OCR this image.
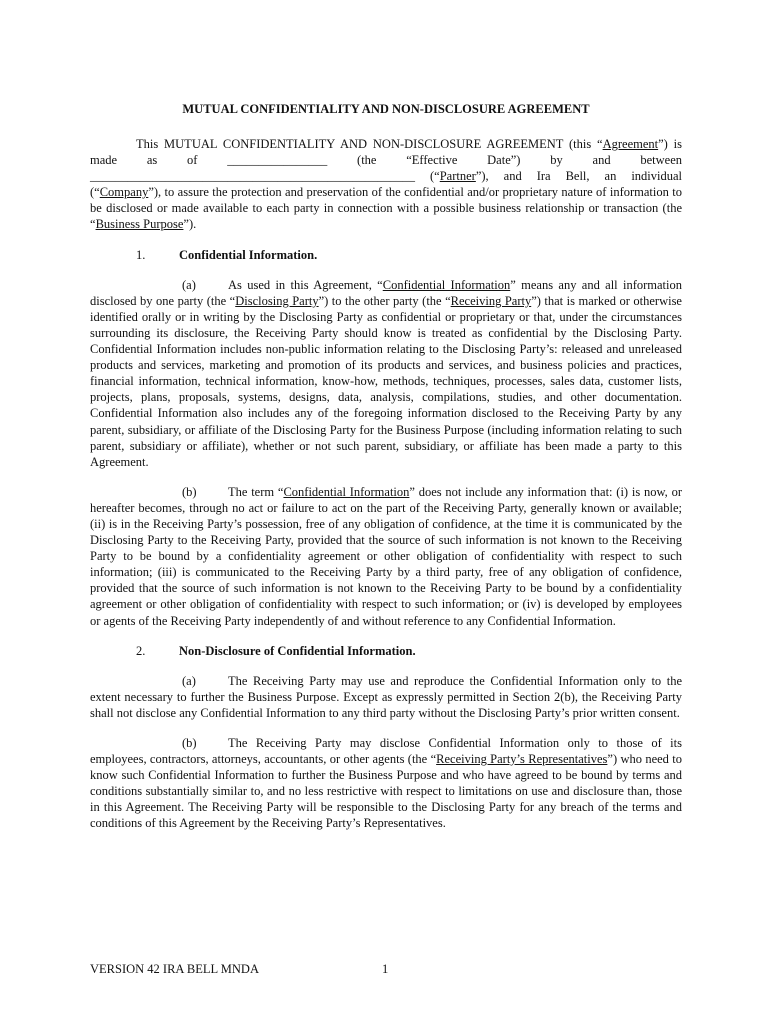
MUTUAL CONFIDENTIALITY AND NON-DISCLOSURE AGREEMENT

This MUTUAL CONFIDENTIALITY AND NON-DISCLOSURE AGREEMENT (this “Agreement”) is made as of ________________ (the “Effective Date”) by and between ____________________________________________________ (“Partner”), and Ira Bell, an individual (“Company”), to assure the protection and preservation of the confidential and/or proprietary nature of information to be disclosed or made available to each party in connection with a possible business relationship or transaction (the “Business Purpose”).

1.	Confidential Information.

(a)	As used in this Agreement, “Confidential Information” means any and all information disclosed by one party (the “Disclosing Party”) to the other party (the “Receiving Party”) that is marked or otherwise identified orally or in writing by the Disclosing Party as confidential or proprietary or that, under the circumstances surrounding its disclosure, the Receiving Party should know is treated as confidential by the Disclosing Party. Confidential Information includes non-public information relating to the Disclosing Party’s: released and unreleased products and services, marketing and promotion of its products and services, and business policies and practices, financial information, technical information, know-how, methods, techniques, processes, sales data, customer lists, projects, plans, proposals, systems, designs, data, analysis, compilations, studies, and other documentation. Confidential Information also includes any of the foregoing information disclosed to the Receiving Party by any parent, subsidiary, or affiliate of the Disclosing Party for the Business Purpose (including information relating to such parent, subsidiary or affiliate), whether or not such parent, subsidiary, or affiliate has been made a party to this Agreement.

(b)	The term “Confidential Information” does not include any information that: (i) is now, or hereafter becomes, through no act or failure to act on the part of the Receiving Party, generally known or available; (ii) is in the Receiving Party’s possession, free of any obligation of confidence, at the time it is communicated by the Disclosing Party to the Receiving Party, provided that the source of such information is not known to the Receiving Party to be bound by a confidentiality agreement or other obligation of confidentiality with respect to such information; (iii) is communicated to the Receiving Party by a third party, free of any obligation of confidence, provided that the source of such information is not known to the Receiving Party to be bound by a confidentiality agreement or other obligation of confidentiality with respect to such information; or (iv) is developed by employees or agents of the Receiving Party independently of and without reference to any Confidential Information.

2.	Non-Disclosure of Confidential Information.

(a)	The Receiving Party may use and reproduce the Confidential Information only to the extent necessary to further the Business Purpose. Except as expressly permitted in Section 2(b), the Receiving Party shall not disclose any Confidential Information to any third party without the Disclosing Party’s prior written consent.

(b)	The Receiving Party may disclose Confidential Information only to those of its employees, contractors, attorneys, accountants, or other agents (the “Receiving Party’s Representatives”) who need to know such Confidential Information to further the Business Purpose and who have agreed to be bound by terms and conditions substantially similar to, and no less restrictive with respect to limitations on use and disclosure than, those in this Agreement. The Receiving Party will be responsible to the Disclosing Party for any breach of the terms and conditions of this Agreement by the Receiving Party’s Representatives.

VERSION 42 IRA BELL MNDA	1
